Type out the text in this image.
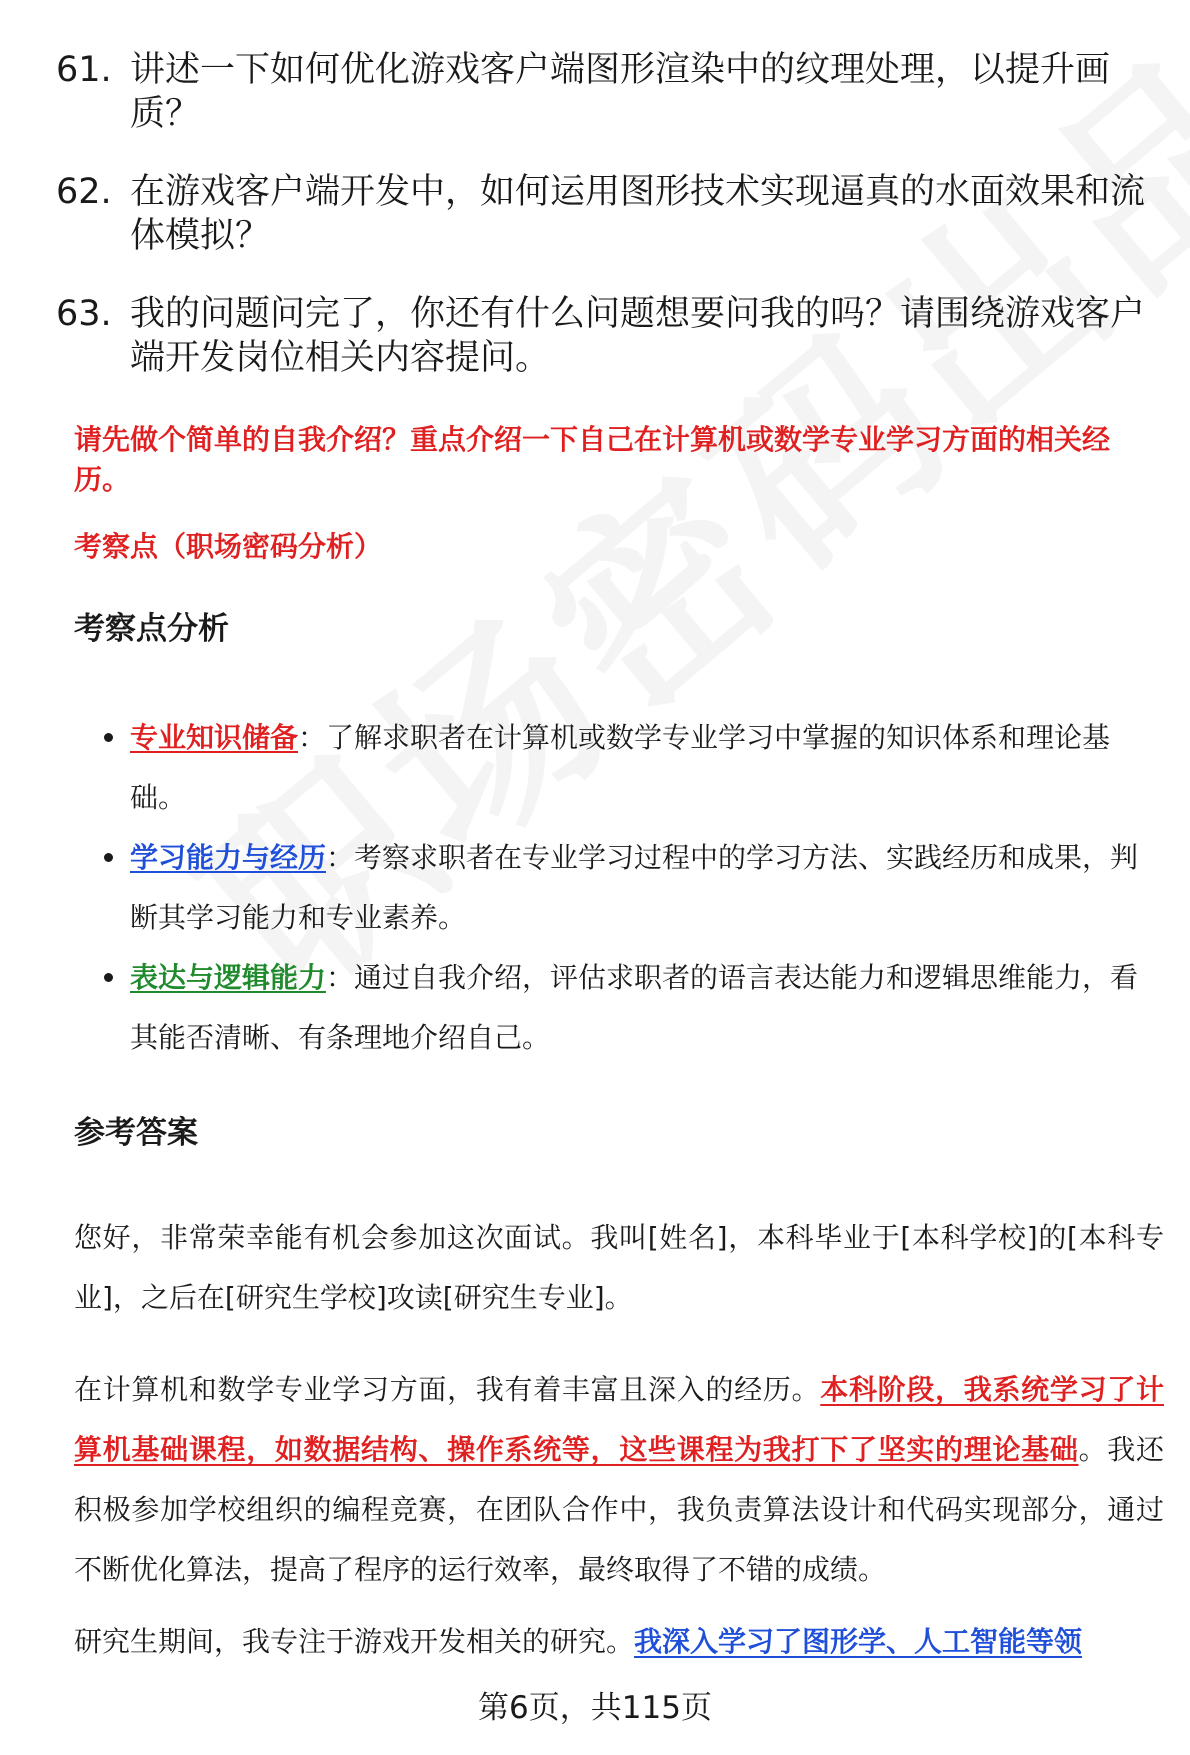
61. 讲述一下如何优化游戏客户端图形渲染中的纹理处理，以提升画质？
62. 在游戏客户端开发中，如何运用图形技术实现逼真的水面效果和流体模拟？
63. 我的问题问完了，你还有什么问题想要问我的吗？请围绕游戏客户端开发岗位相关内容提问。
请先做个简单的自我介绍？重点介绍一下自己在计算机或数学专业学习方面的相关经历。
考察点（职场密码分析）
考察点分析
专业知识储备：了解求职者在计算机或数学专业学习中掌握的知识体系和理论基础。
学习能力与经历：考察求职者在专业学习过程中的学习方法、实践经历和成果，判断其学习能力和专业素养。
表达与逻辑能力：通过自我介绍，评估求职者的语言表达能力和逻辑思维能力，看其能否清晰、有条理地介绍自己。
参考答案
您好，非常荣幸能有机会参加这次面试。我叫[姓名]，本科毕业于[本科学校]的[本科专业]，之后在[研究生学校]攻读[研究生专业]。
在计算机和数学专业学习方面，我有着丰富且深入的经历。本科阶段，我系统学习了计算机基础课程，如数据结构、操作系统等，这些课程为我打下了坚实的理论基础。我还积极参加学校组织的编程竞赛，在团队合作中，我负责算法设计和代码实现部分，通过不断优化算法，提高了程序的运行效率，最终取得了不错的成绩。
研究生期间，我专注于游戏开发相关的研究。我深入学习了图形学、人工智能等领
第6页，共115页
